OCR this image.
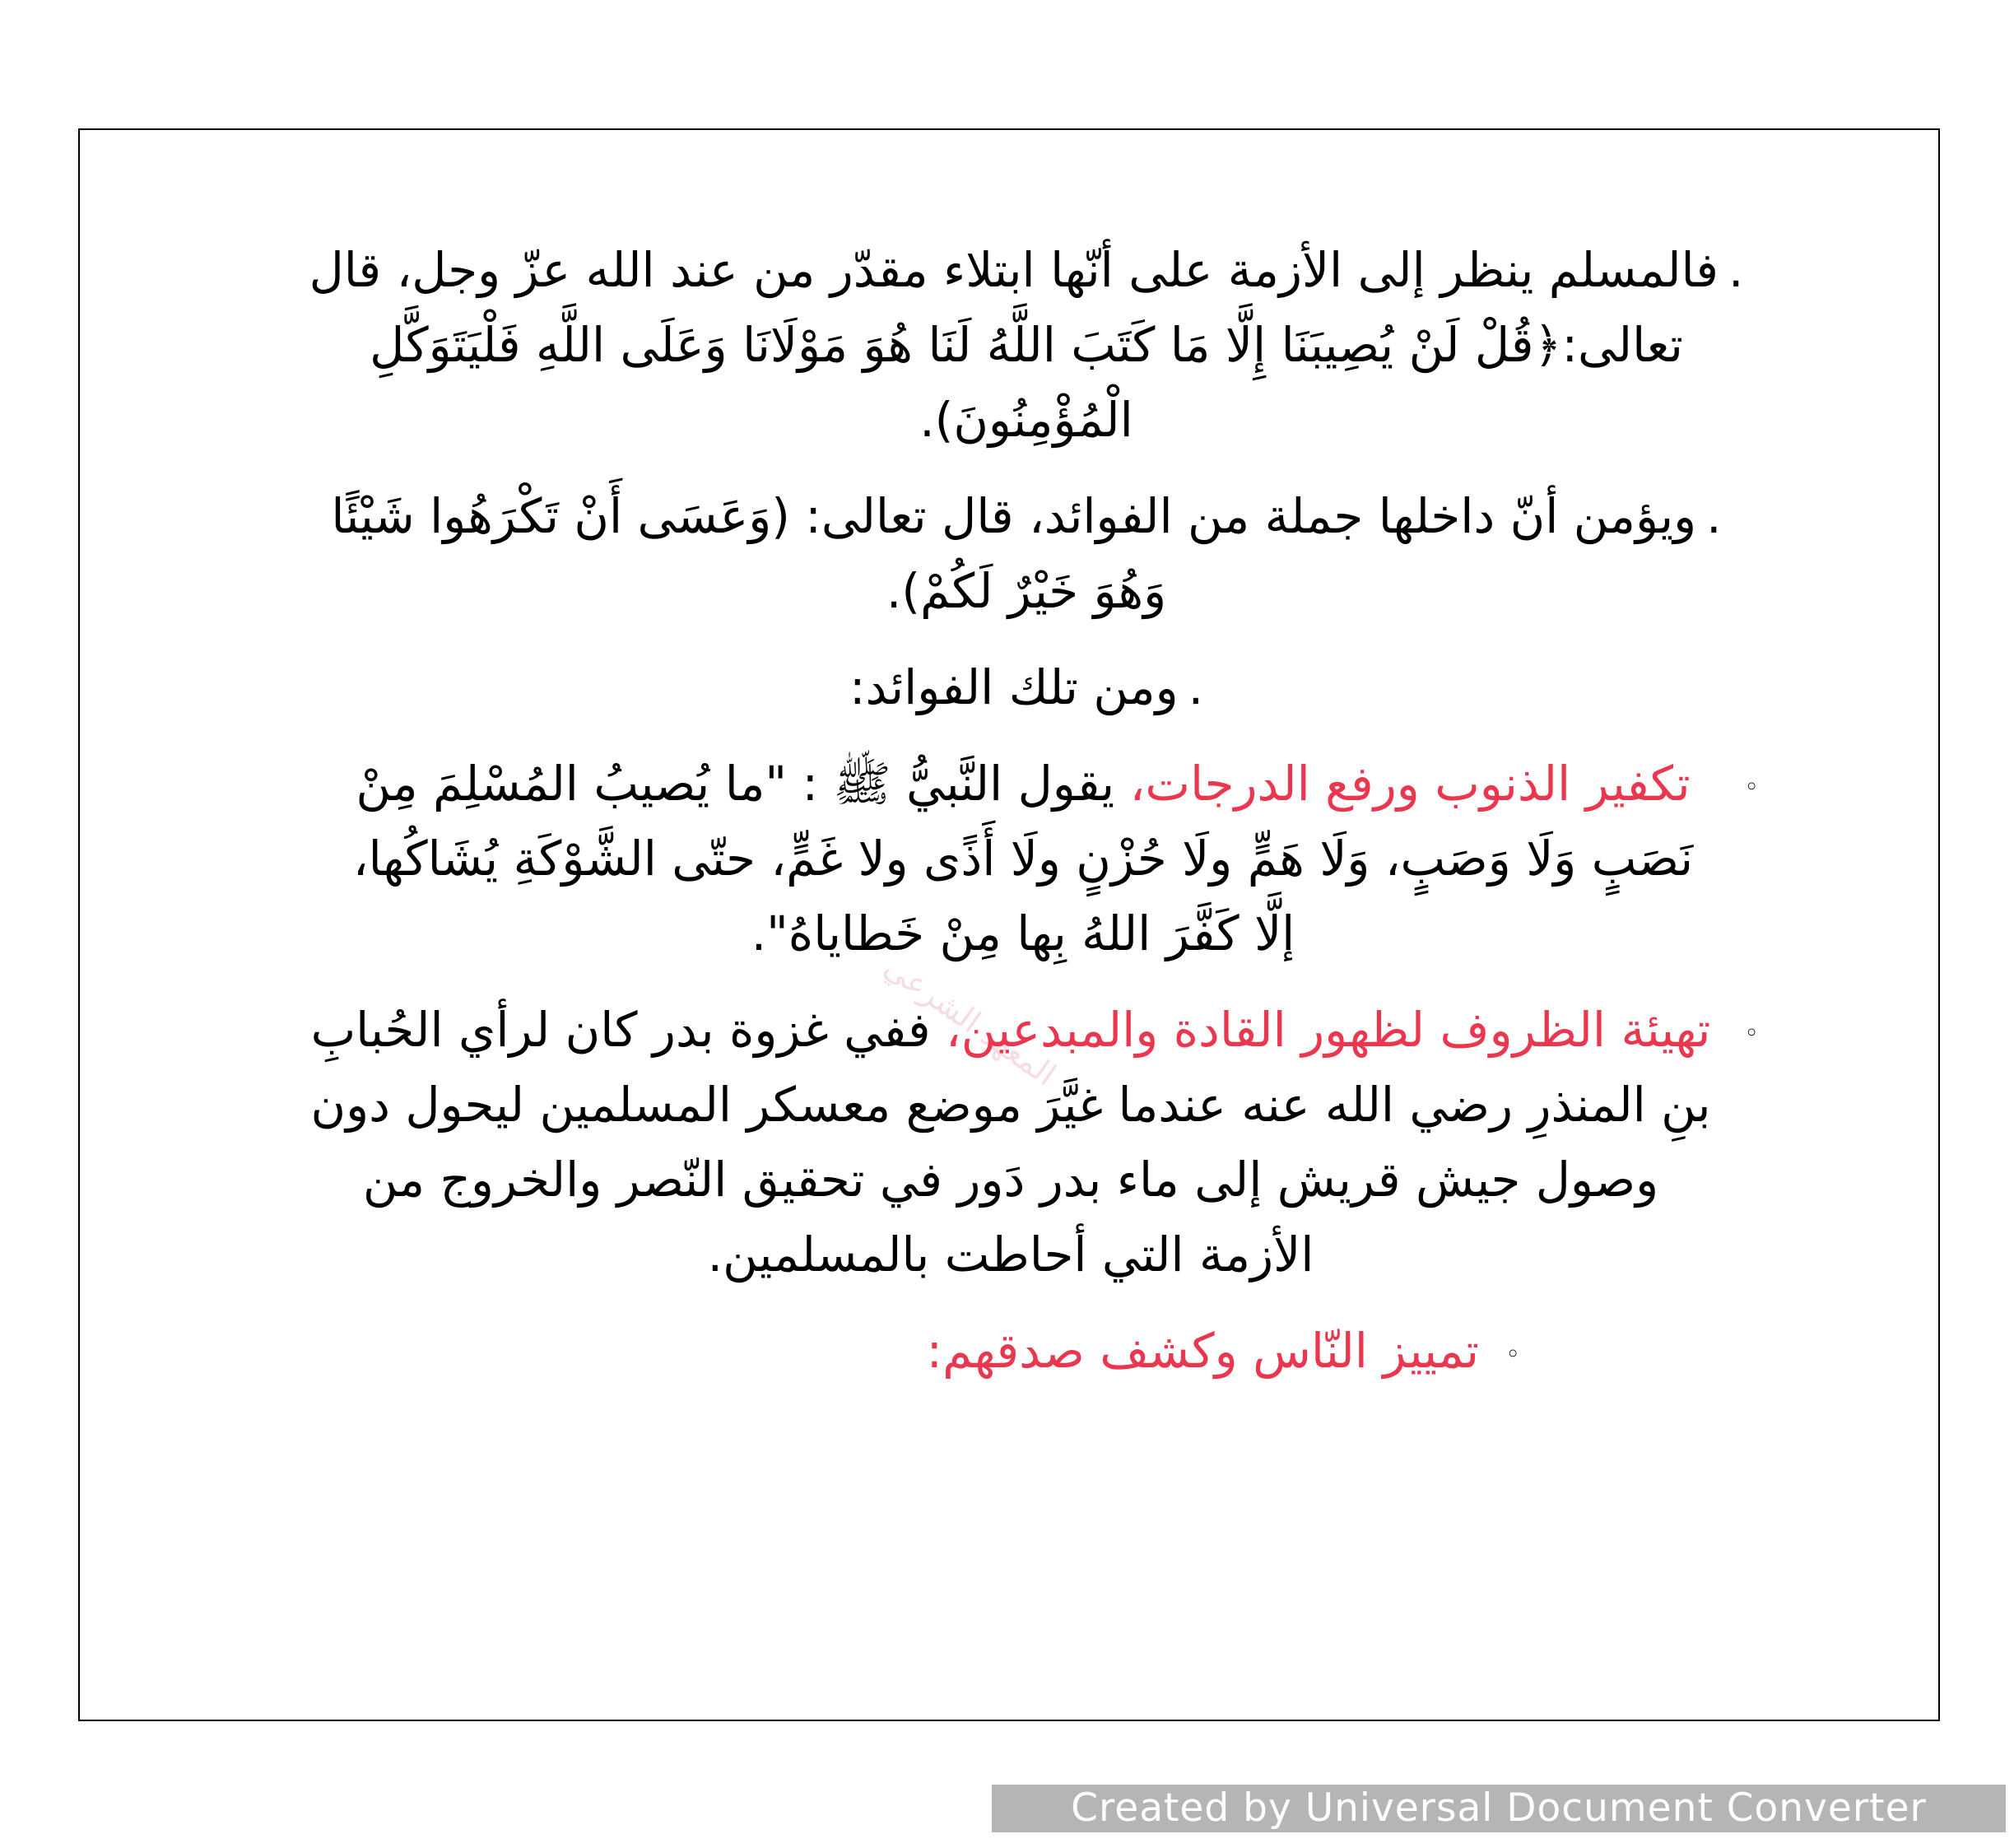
المعهد الشرعي

.فالمسلم ينظر إلى الأزمة على أنّها ابتلاء مقدّر من عند الله عزّ وجل، قال تعالى:﴿قُلْ لَنْ يُصِيبَنَا إِلَّا مَا كَتَبَ اللَّهُ لَنَا هُوَ مَوْلَانَا وَعَلَى اللَّهِ فَلْيَتَوَكَّلِ الْمُؤْمِنُونَ).

.ويؤمن أنّ داخلها جملة من الفوائد، قال تعالى: (وَعَسَى أَنْ تَكْرَهُوا شَيْئًا وَهُوَ خَيْرٌ لَكُمْ).

.ومن تلك الفوائد:

◦
تكفير الذنوب ورفع الدرجات، يقول النَّبيُّ ﷺ : "ما يُصيبُ المُسْلِمَ مِنْ نَصَبٍ وَلَا وَصَبٍ، وَلَا هَمٍّ ولَا حُزْنٍ ولَا أَذًى ولا غَمٍّ، حتّى الشَّوْكَةِ يُشَاكُها، إلَّا كَفَّرَ اللهُ بِها مِنْ خَطاياهُ".
◦
تهيئة الظروف لظهور القادة والمبدعين، ففي غزوة بدر كان لرأي الحُبابِ بنِ المنذرِ رضي الله عنه عندما غيَّرَ موضع معسكر المسلمين ليحول دون وصول جيش قريش إلى ماء بدر دَور في تحقيق النّصر والخروج من الأزمة التي أحاطت بالمسلمين.
◦
تمييز النّاس وكشف صدقهم:
Created by Universal Document Converter
